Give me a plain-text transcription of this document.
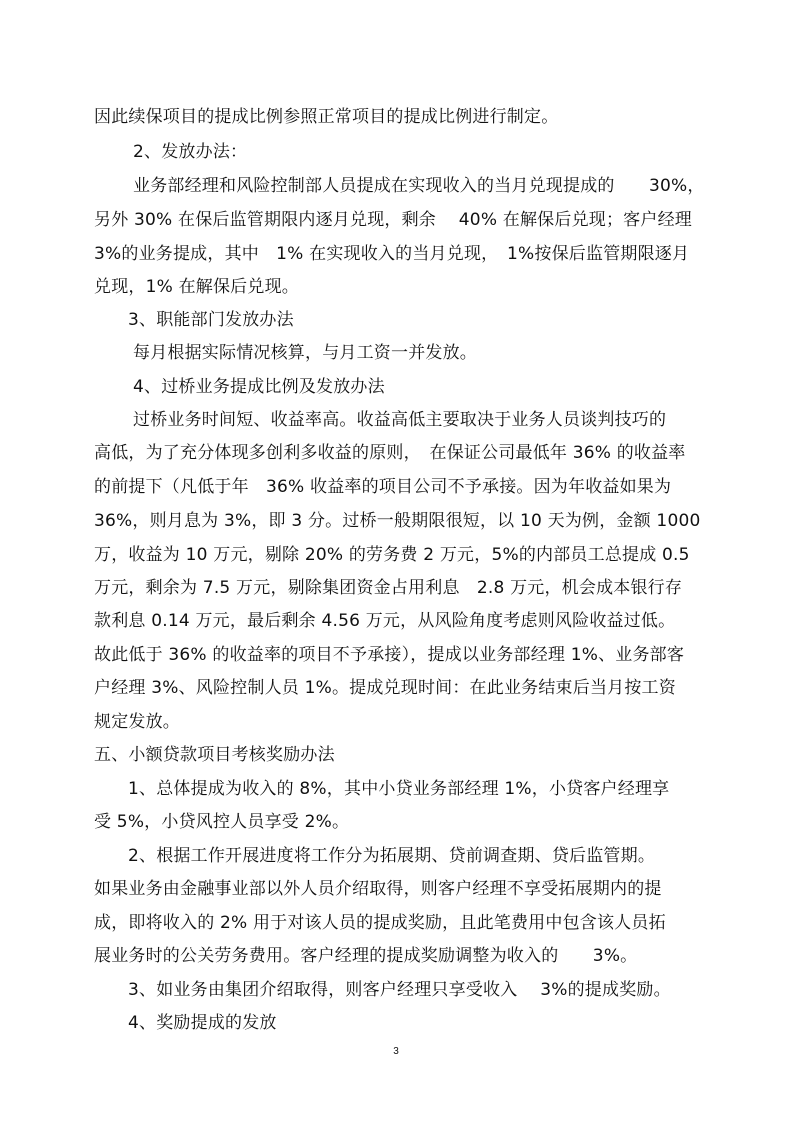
因此续保项目的提成比例参照正常项目的提成比例进行制定。
2、发放办法：
业务部经理和风险控制部人员提成在实现收入的当月兑现提成的　　30%，
另外 30% 在保后监管期限内逐月兑现，剩余　 40% 在解保后兑现；客户经理
3%的业务提成，其中　1% 在实现收入的当月兑现，　1%按保后监管期限逐月
兑现，1% 在解保后兑现。
3、职能部门发放办法
每月根据实际情况核算，与月工资一并发放。
4、过桥业务提成比例及发放办法
过桥业务时间短、收益率高。收益高低主要取决于业务人员谈判技巧的
高低，为了充分体现多创利多收益的原则，　在保证公司最低年 36% 的收益率
的前提下（凡低于年　36% 收益率的项目公司不予承接。因为年收益如果为
36%，则月息为 3%，即 3 分。过桥一般期限很短，以 10 天为例，金额 1000
万，收益为 10 万元，剔除 20% 的劳务费 2 万元，5%的内部员工总提成 0.5
万元，剩余为 7.5 万元，剔除集团资金占用利息　2.8 万元，机会成本银行存
款利息 0.14 万元，最后剩余 4.56 万元，从风险角度考虑则风险收益过低。
故此低于 36% 的收益率的项目不予承接），提成以业务部经理 1%、业务部客
户经理 3%、风险控制人员 1%。提成兑现时间：在此业务结束后当月按工资
规定发放。
五、小额贷款项目考核奖励办法
1、总体提成为收入的 8%，其中小贷业务部经理 1%，小贷客户经理享
受 5%，小贷风控人员享受 2%。
2、根据工作开展进度将工作分为拓展期、贷前调查期、贷后监管期。
如果业务由金融事业部以外人员介绍取得，则客户经理不享受拓展期内的提
成，即将收入的 2% 用于对该人员的提成奖励，且此笔费用中包含该人员拓
展业务时的公关劳务费用。客户经理的提成奖励调整为收入的　　3%。
3、如业务由集团介绍取得，则客户经理只享受收入　 3%的提成奖励。
4、奖励提成的发放
3
